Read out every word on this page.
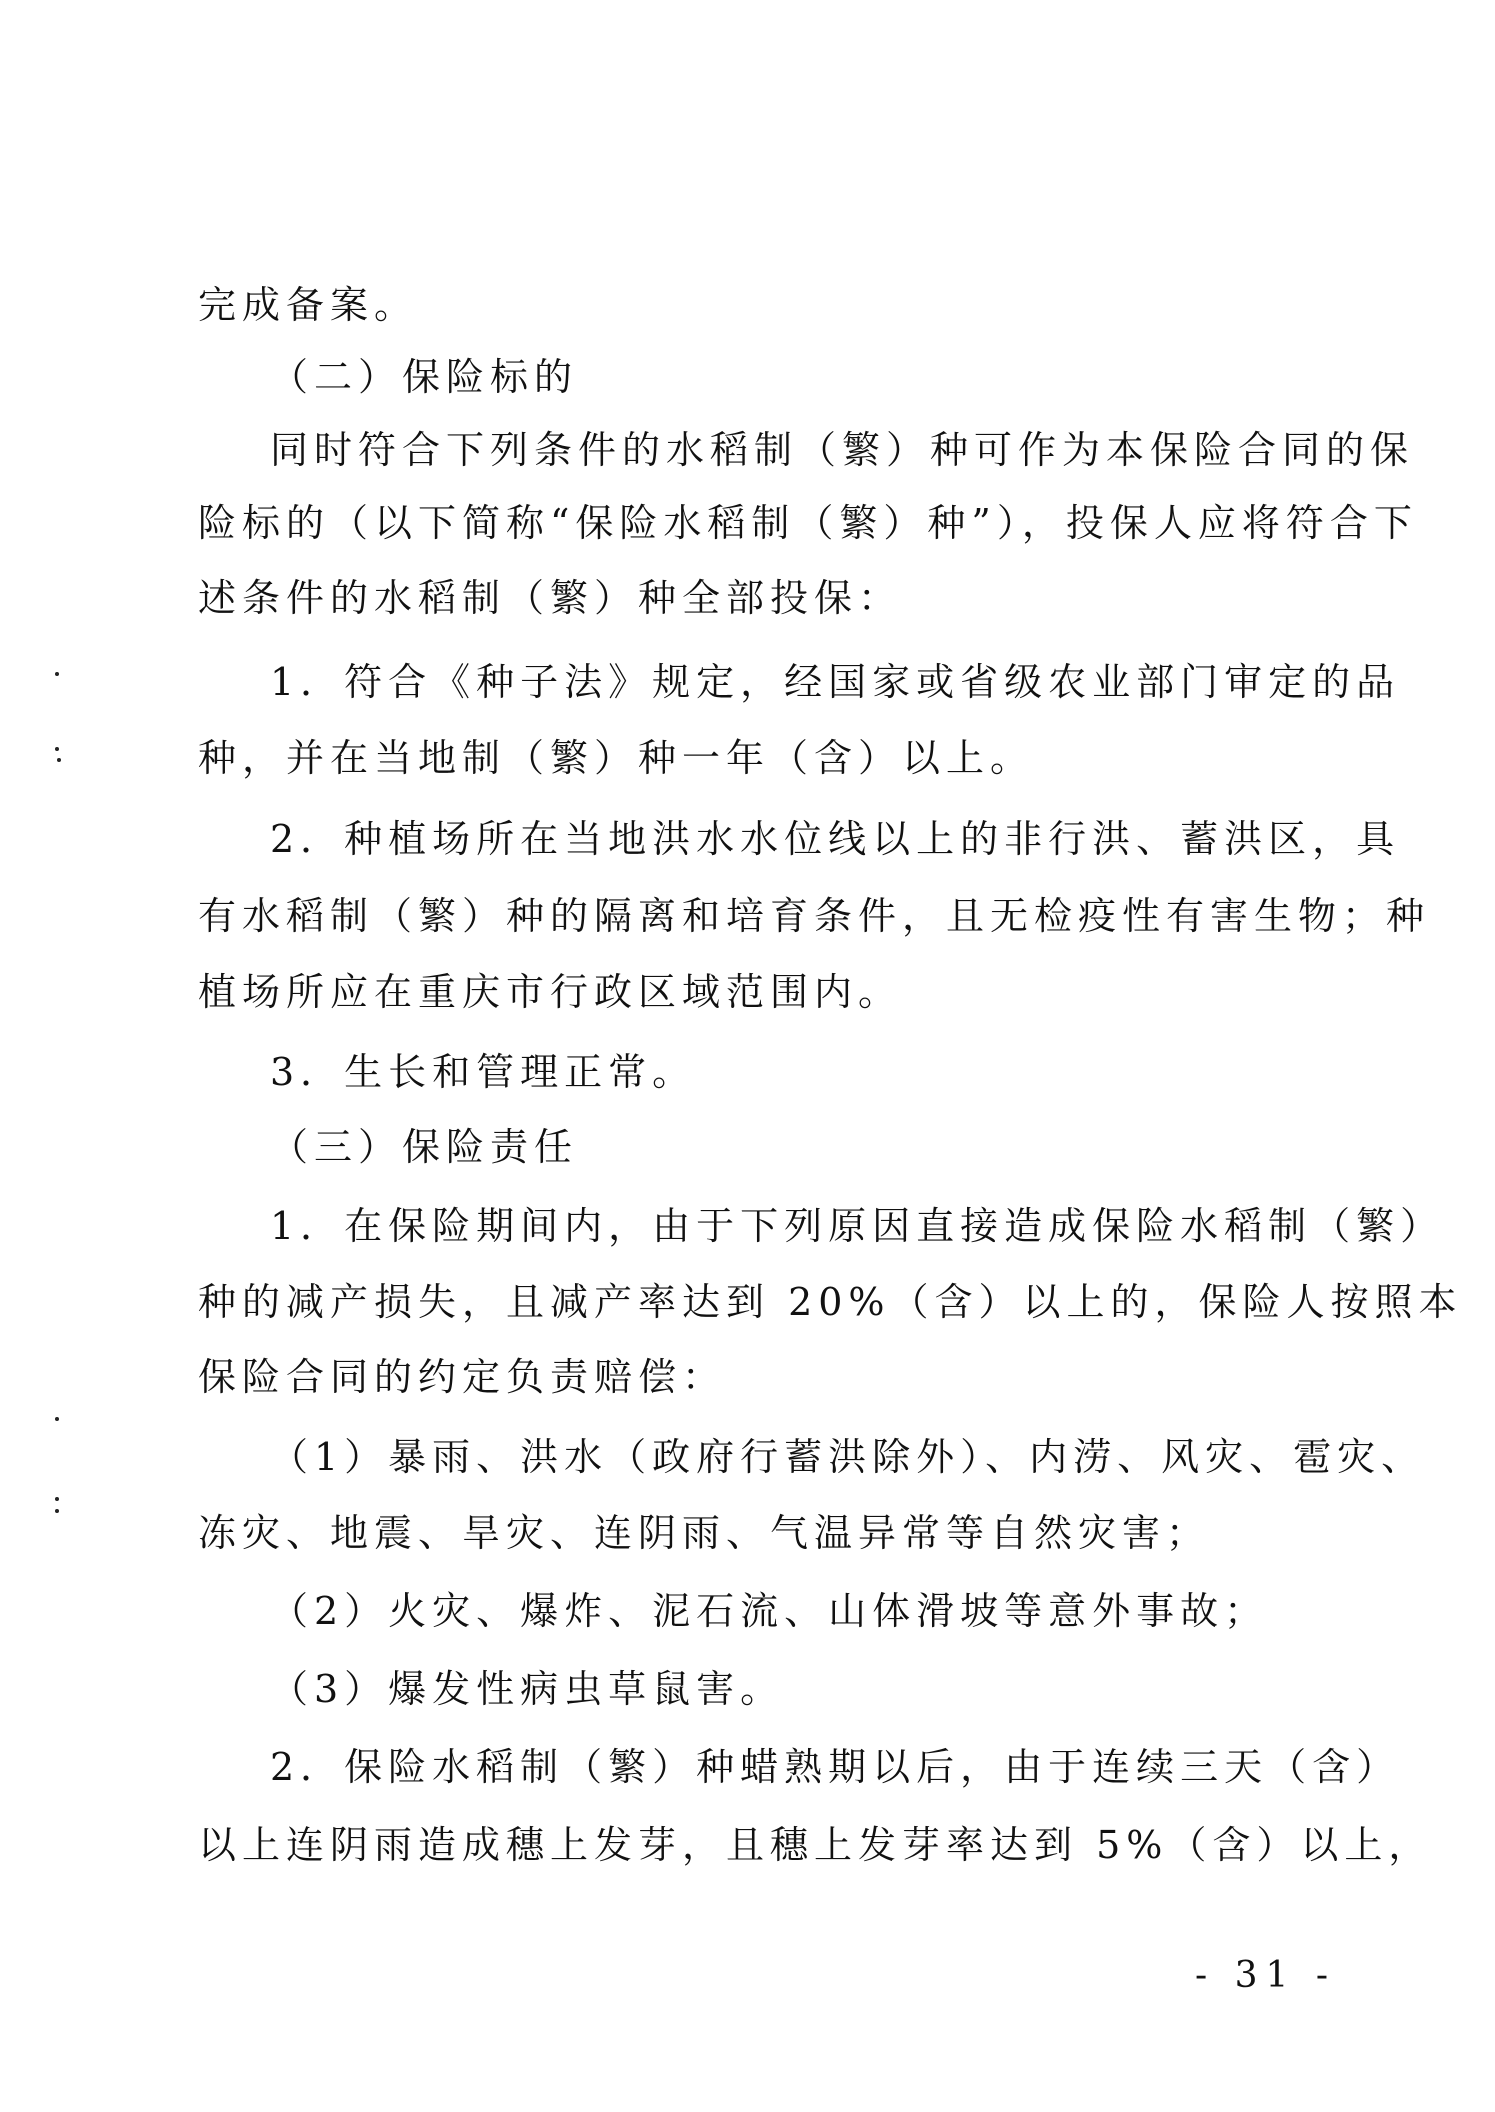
完成备案。
（二）保险标的
同时符合下列条件的水稻制（繁）种可作为本保险合同的保
险标的（以下简称“保险水稻制（繁）种”），投保人应将符合下
述条件的水稻制（繁）种全部投保：
1．符合《种子法》规定，经国家或省级农业部门审定的品
种，并在当地制（繁）种一年（含）以上。
2．种植场所在当地洪水水位线以上的非行洪、蓄洪区，具
有水稻制（繁）种的隔离和培育条件，且无检疫性有害生物；种
植场所应在重庆市行政区域范围内。
3．生长和管理正常。
（三）保险责任
1．在保险期间内，由于下列原因直接造成保险水稻制（繁）
种的减产损失，且减产率达到 20%（含）以上的，保险人按照本
保险合同的约定负责赔偿：
（1）暴雨、洪水（政府行蓄洪除外）、内涝、风灾、雹灾、
冻灾、地震、旱灾、连阴雨、气温异常等自然灾害；
（2）火灾、爆炸、泥石流、山体滑坡等意外事故；
（3）爆发性病虫草鼠害。
2．保险水稻制（繁）种蜡熟期以后，由于连续三天（含）
以上连阴雨造成穗上发芽，且穗上发芽率达到 5%（含）以上，
- 31 -
